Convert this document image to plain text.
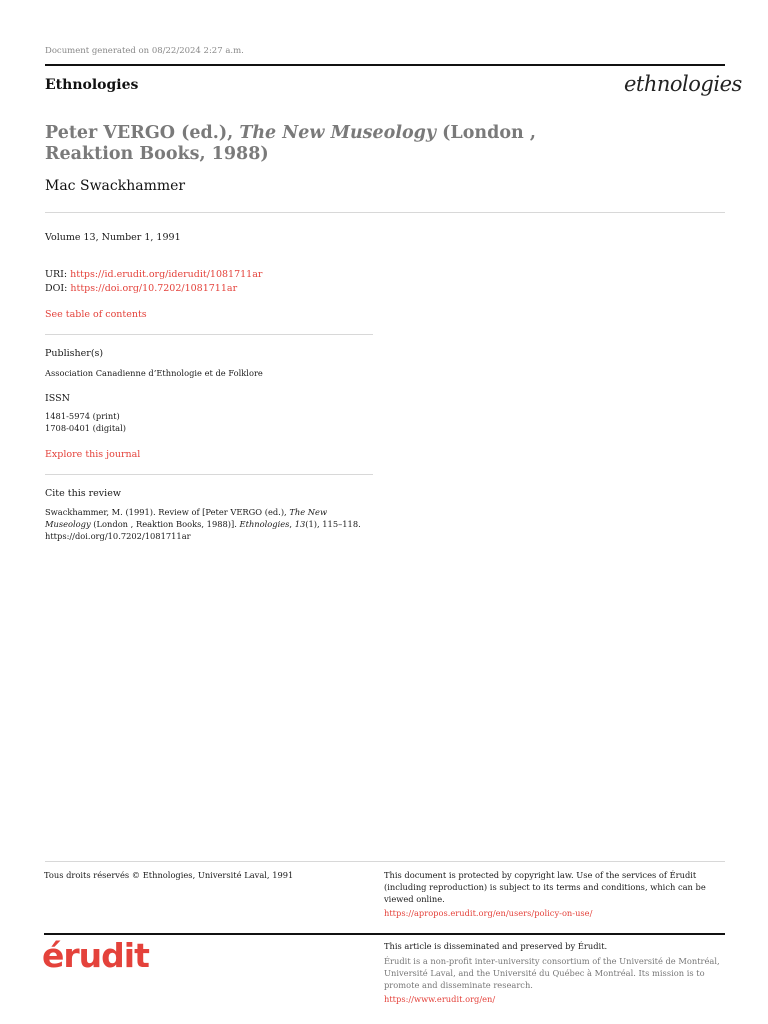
Document generated on 08/22/2024 2:27 a.m.
Ethnologies	ethnologies
Peter VERGO (ed.), The New Museology (London , Reaktion Books, 1988)
Mac Swackhammer
Volume 13, Number 1, 1991
URI: https://id.erudit.org/iderudit/1081711ar
DOI: https://doi.org/10.7202/1081711ar
See table of contents
Publisher(s)
Association Canadienne d’Ethnologie et de Folklore
ISSN
1481-5974 (print)
1708-0401 (digital)
Explore this journal
Cite this review
Swackhammer, M. (1991). Review of [Peter VERGO (ed.), The New Museology (London , Reaktion Books, 1988)]. Ethnologies, 13(1), 115–118. https://doi.org/10.7202/1081711ar
Tous droits réservés © Ethnologies, Université Laval, 1991	This document is protected by copyright law. Use of the services of Érudit (including reproduction) is subject to its terms and conditions, which can be viewed online.
https://apropos.erudit.org/en/users/policy-on-use/
érudit	This article is disseminated and preserved by Érudit.
Érudit is a non-profit inter-university consortium of the Université de Montréal, Université Laval, and the Université du Québec à Montréal. Its mission is to promote and disseminate research.
https://www.erudit.org/en/
